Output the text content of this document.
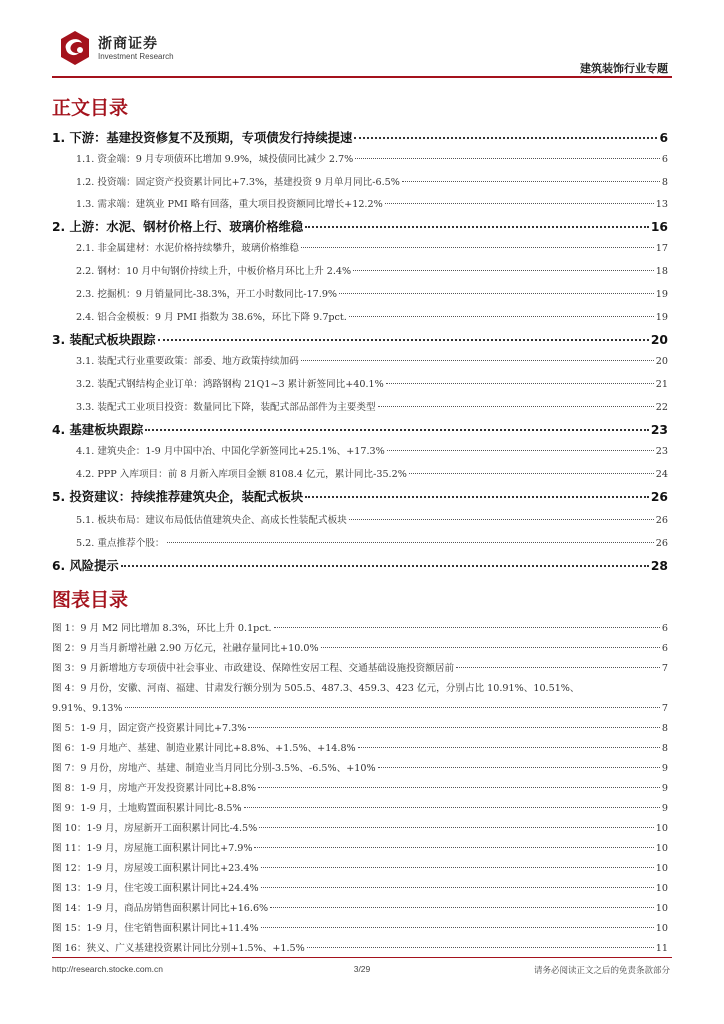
浙商证券
Investment Research
建筑装饰行业专题
正文目录
1. 下游：基建投资修复不及预期，专项债发行持续提速	6
1.1. 资金端：9 月专项债环比增加 9.9%，城投债同比减少 2.7%	6
1.2. 投资端：固定资产投资累计同比+7.3%，基建投资 9 月单月同比-6.5%	8
1.3. 需求端：建筑业 PMI 略有回落，重大项目投资额同比增长+12.2%	13
2. 上游：水泥、钢材价格上行、玻璃价格维稳	16
2.1. 非金属建材：水泥价格持续攀升，玻璃价格维稳	17
2.2. 钢材：10 月中旬钢价持续上升，中板价格月环比上升 2.4%	18
2.3. 挖掘机：9 月销量同比-38.3%，开工小时数同比-17.9%	19
2.4. 铝合金模板：9 月 PMI 指数为 38.6%，环比下降 9.7pct.	19
3. 装配式板块跟踪	20
3.1. 装配式行业重要政策：部委、地方政策持续加码	20
3.2. 装配式钢结构企业订单：鸿路钢构 21Q1~3 累计新签同比+40.1%	21
3.3. 装配式工业项目投资：数量同比下降，装配式部品部件为主要类型	22
4. 基建板块跟踪	23
4.1. 建筑央企：1-9 月中国中冶、中国化学新签同比+25.1%、+17.3%	23
4.2. PPP 入库项目：前 8 月新入库项目金额 8108.4 亿元，累计同比-35.2%	24
5. 投资建议：持续推荐建筑央企，装配式板块	26
5.1. 板块布局：建议布局低估值建筑央企、高成长性装配式板块	26
5.2. 重点推荐个股：	26
6. 风险提示	28
图表目录
图 1：9 月 M2 同比增加 8.3%，环比上升 0.1pct.	6
图 2：9 月当月新增社融 2.90 万亿元，社融存量同比+10.0%	6
图 3：9 月新增地方专项债中社会事业、市政建设、保障性安居工程、交通基础设施投资额居前	7
图 4：9 月份，安徽、河南、福建、甘肃发行额分别为 505.5、487.3、459.3、423 亿元，分别占比 10.91%、10.51%、
9.91%、9.13%	7
图 5：1-9 月，固定资产投资累计同比+7.3%	8
图 6：1-9 月地产、基建、制造业累计同比+8.8%、+1.5%、+14.8%	8
图 7：9 月份，房地产、基建、制造业当月同比分别-3.5%、-6.5%、+10%	9
图 8：1-9 月，房地产开发投资累计同比+8.8%	9
图 9：1-9 月，土地购置面积累计同比-8.5%	9
图 10：1-9 月，房屋新开工面积累计同比-4.5%	10
图 11：1-9 月，房屋施工面积累计同比+7.9%	10
图 12：1-9 月，房屋竣工面积累计同比+23.4%	10
图 13：1-9 月，住宅竣工面积累计同比+24.4%	10
图 14：1-9 月，商品房销售面积累计同比+16.6%	10
图 15：1-9 月，住宅销售面积累计同比+11.4%	10
图 16：狭义、广义基建投资累计同比分别+1.5%、+1.5%	11
3/29
http://research.stocke.com.cn	请务必阅读正文之后的免责条款部分
